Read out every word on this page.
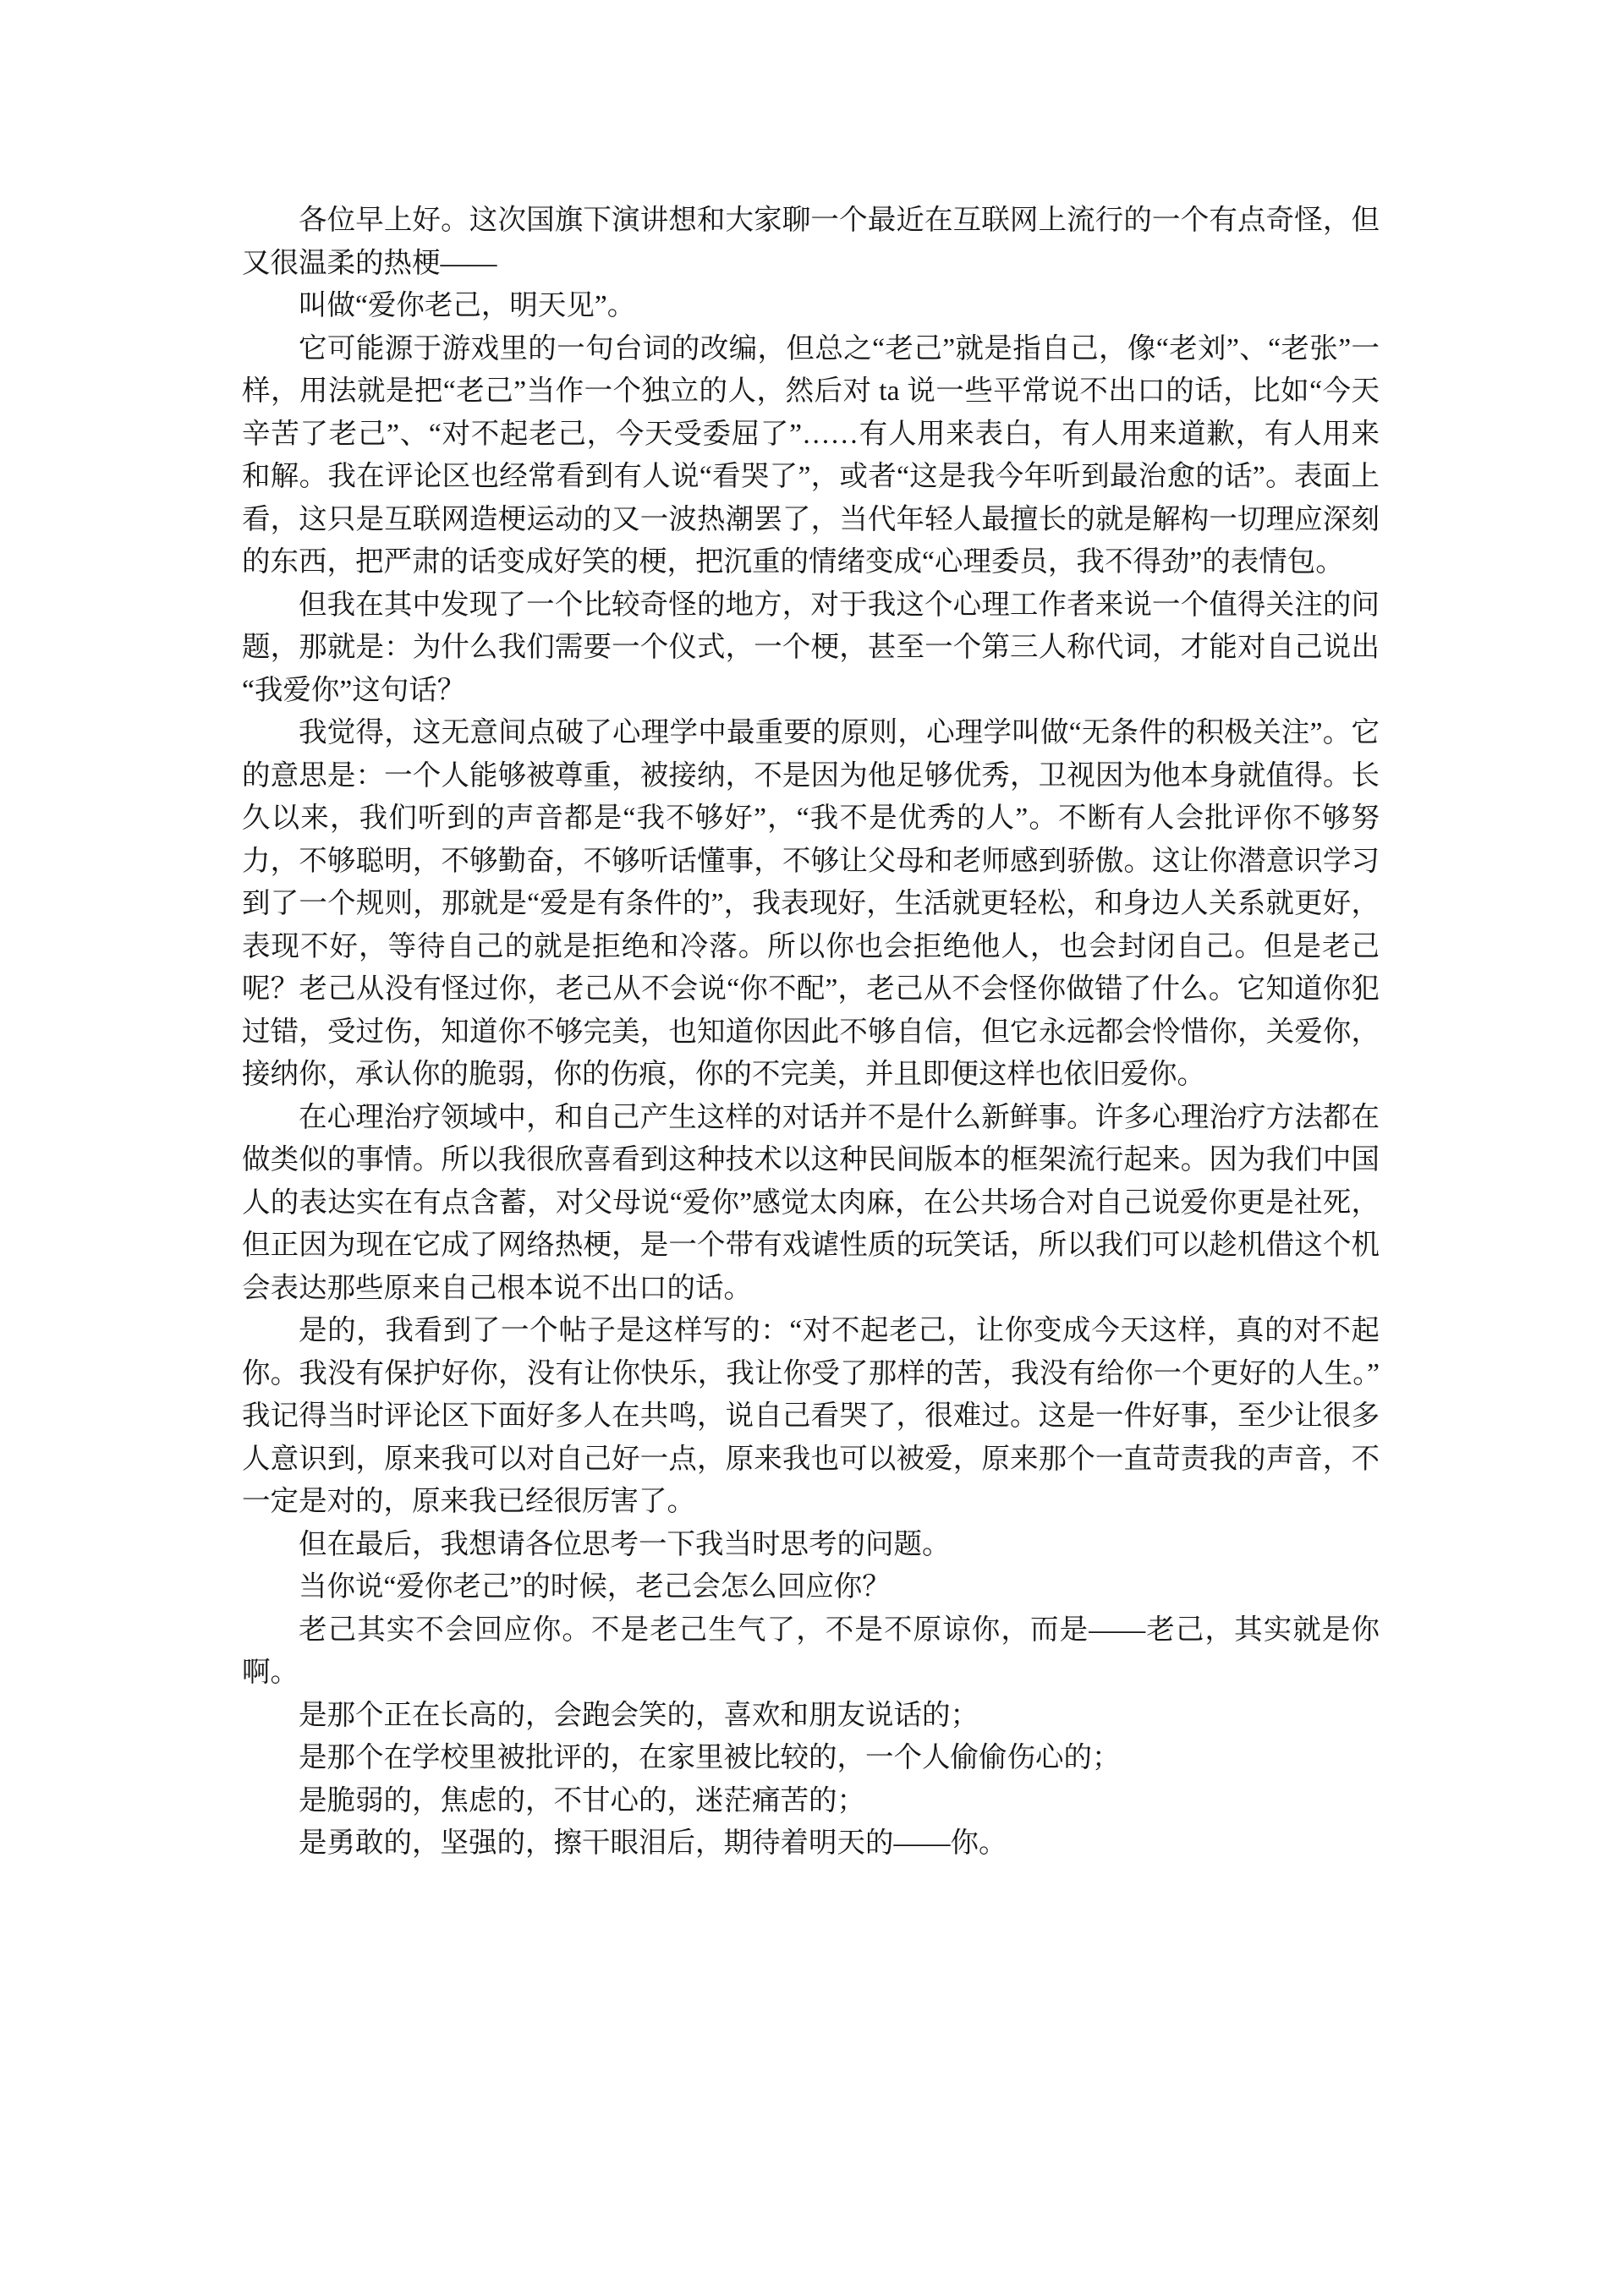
各位早上好。这次国旗下演讲想和大家聊一个最近在互联网上流行的一个有点奇怪，但又很温柔的热梗——

叫做“爱你老己，明天见”。

它可能源于游戏里的一句台词的改编，但总之“老己”就是指自己，像“老刘”、“老张”一样，用法就是把“老己”当作一个独立的人，然后对 ta 说一些平常说不出口的话，比如“今天辛苦了老己”、“对不起老己，今天受委屈了”……有人用来表白，有人用来道歉，有人用来和解。我在评论区也经常看到有人说“看哭了”，或者“这是我今年听到最治愈的话”。表面上看，这只是互联网造梗运动的又一波热潮罢了，当代年轻人最擅长的就是解构一切理应深刻的东西，把严肃的话变成好笑的梗，把沉重的情绪变成“心理委员，我不得劲”的表情包。

但我在其中发现了一个比较奇怪的地方，对于我这个心理工作者来说一个值得关注的问题，那就是：为什么我们需要一个仪式，一个梗，甚至一个第三人称代词，才能对自己说出“我爱你”这句话？

我觉得，这无意间点破了心理学中最重要的原则，心理学叫做“无条件的积极关注”。它的意思是：一个人能够被尊重，被接纳，不是因为他足够优秀，卫视因为他本身就值得。长久以来，我们听到的声音都是“我不够好”，“我不是优秀的人”。不断有人会批评你不够努力，不够聪明，不够勤奋，不够听话懂事，不够让父母和老师感到骄傲。这让你潜意识学习到了一个规则，那就是“爱是有条件的”，我表现好，生活就更轻松，和身边人关系就更好，表现不好，等待自己的就是拒绝和冷落。所以你也会拒绝他人，也会封闭自己。但是老己呢？老己从没有怪过你，老己从不会说“你不配”，老己从不会怪你做错了什么。它知道你犯过错，受过伤，知道你不够完美，也知道你因此不够自信，但它永远都会怜惜你，关爱你，接纳你，承认你的脆弱，你的伤痕，你的不完美，并且即便这样也依旧爱你。

在心理治疗领域中，和自己产生这样的对话并不是什么新鲜事。许多心理治疗方法都在做类似的事情。所以我很欣喜看到这种技术以这种民间版本的框架流行起来。因为我们中国人的表达实在有点含蓄，对父母说“爱你”感觉太肉麻，在公共场合对自己说爱你更是社死，但正因为现在它成了网络热梗，是一个带有戏谑性质的玩笑话，所以我们可以趁机借这个机会表达那些原来自己根本说不出口的话。

是的，我看到了一个帖子是这样写的：“对不起老己，让你变成今天这样，真的对不起你。我没有保护好你，没有让你快乐，我让你受了那样的苦，我没有给你一个更好的人生。”我记得当时评论区下面好多人在共鸣，说自己看哭了，很难过。这是一件好事，至少让很多人意识到，原来我可以对自己好一点，原来我也可以被爱，原来那个一直苛责我的声音，不一定是对的，原来我已经很厉害了。

但在最后，我想请各位思考一下我当时思考的问题。

当你说“爱你老己”的时候，老己会怎么回应你？

老己其实不会回应你。不是老己生气了，不是不原谅你，而是——老己，其实就是你啊。

是那个正在长高的，会跑会笑的，喜欢和朋友说话的；

是那个在学校里被批评的，在家里被比较的，一个人偷偷伤心的；

是脆弱的，焦虑的，不甘心的，迷茫痛苦的；

是勇敢的，坚强的，擦干眼泪后，期待着明天的——你。
